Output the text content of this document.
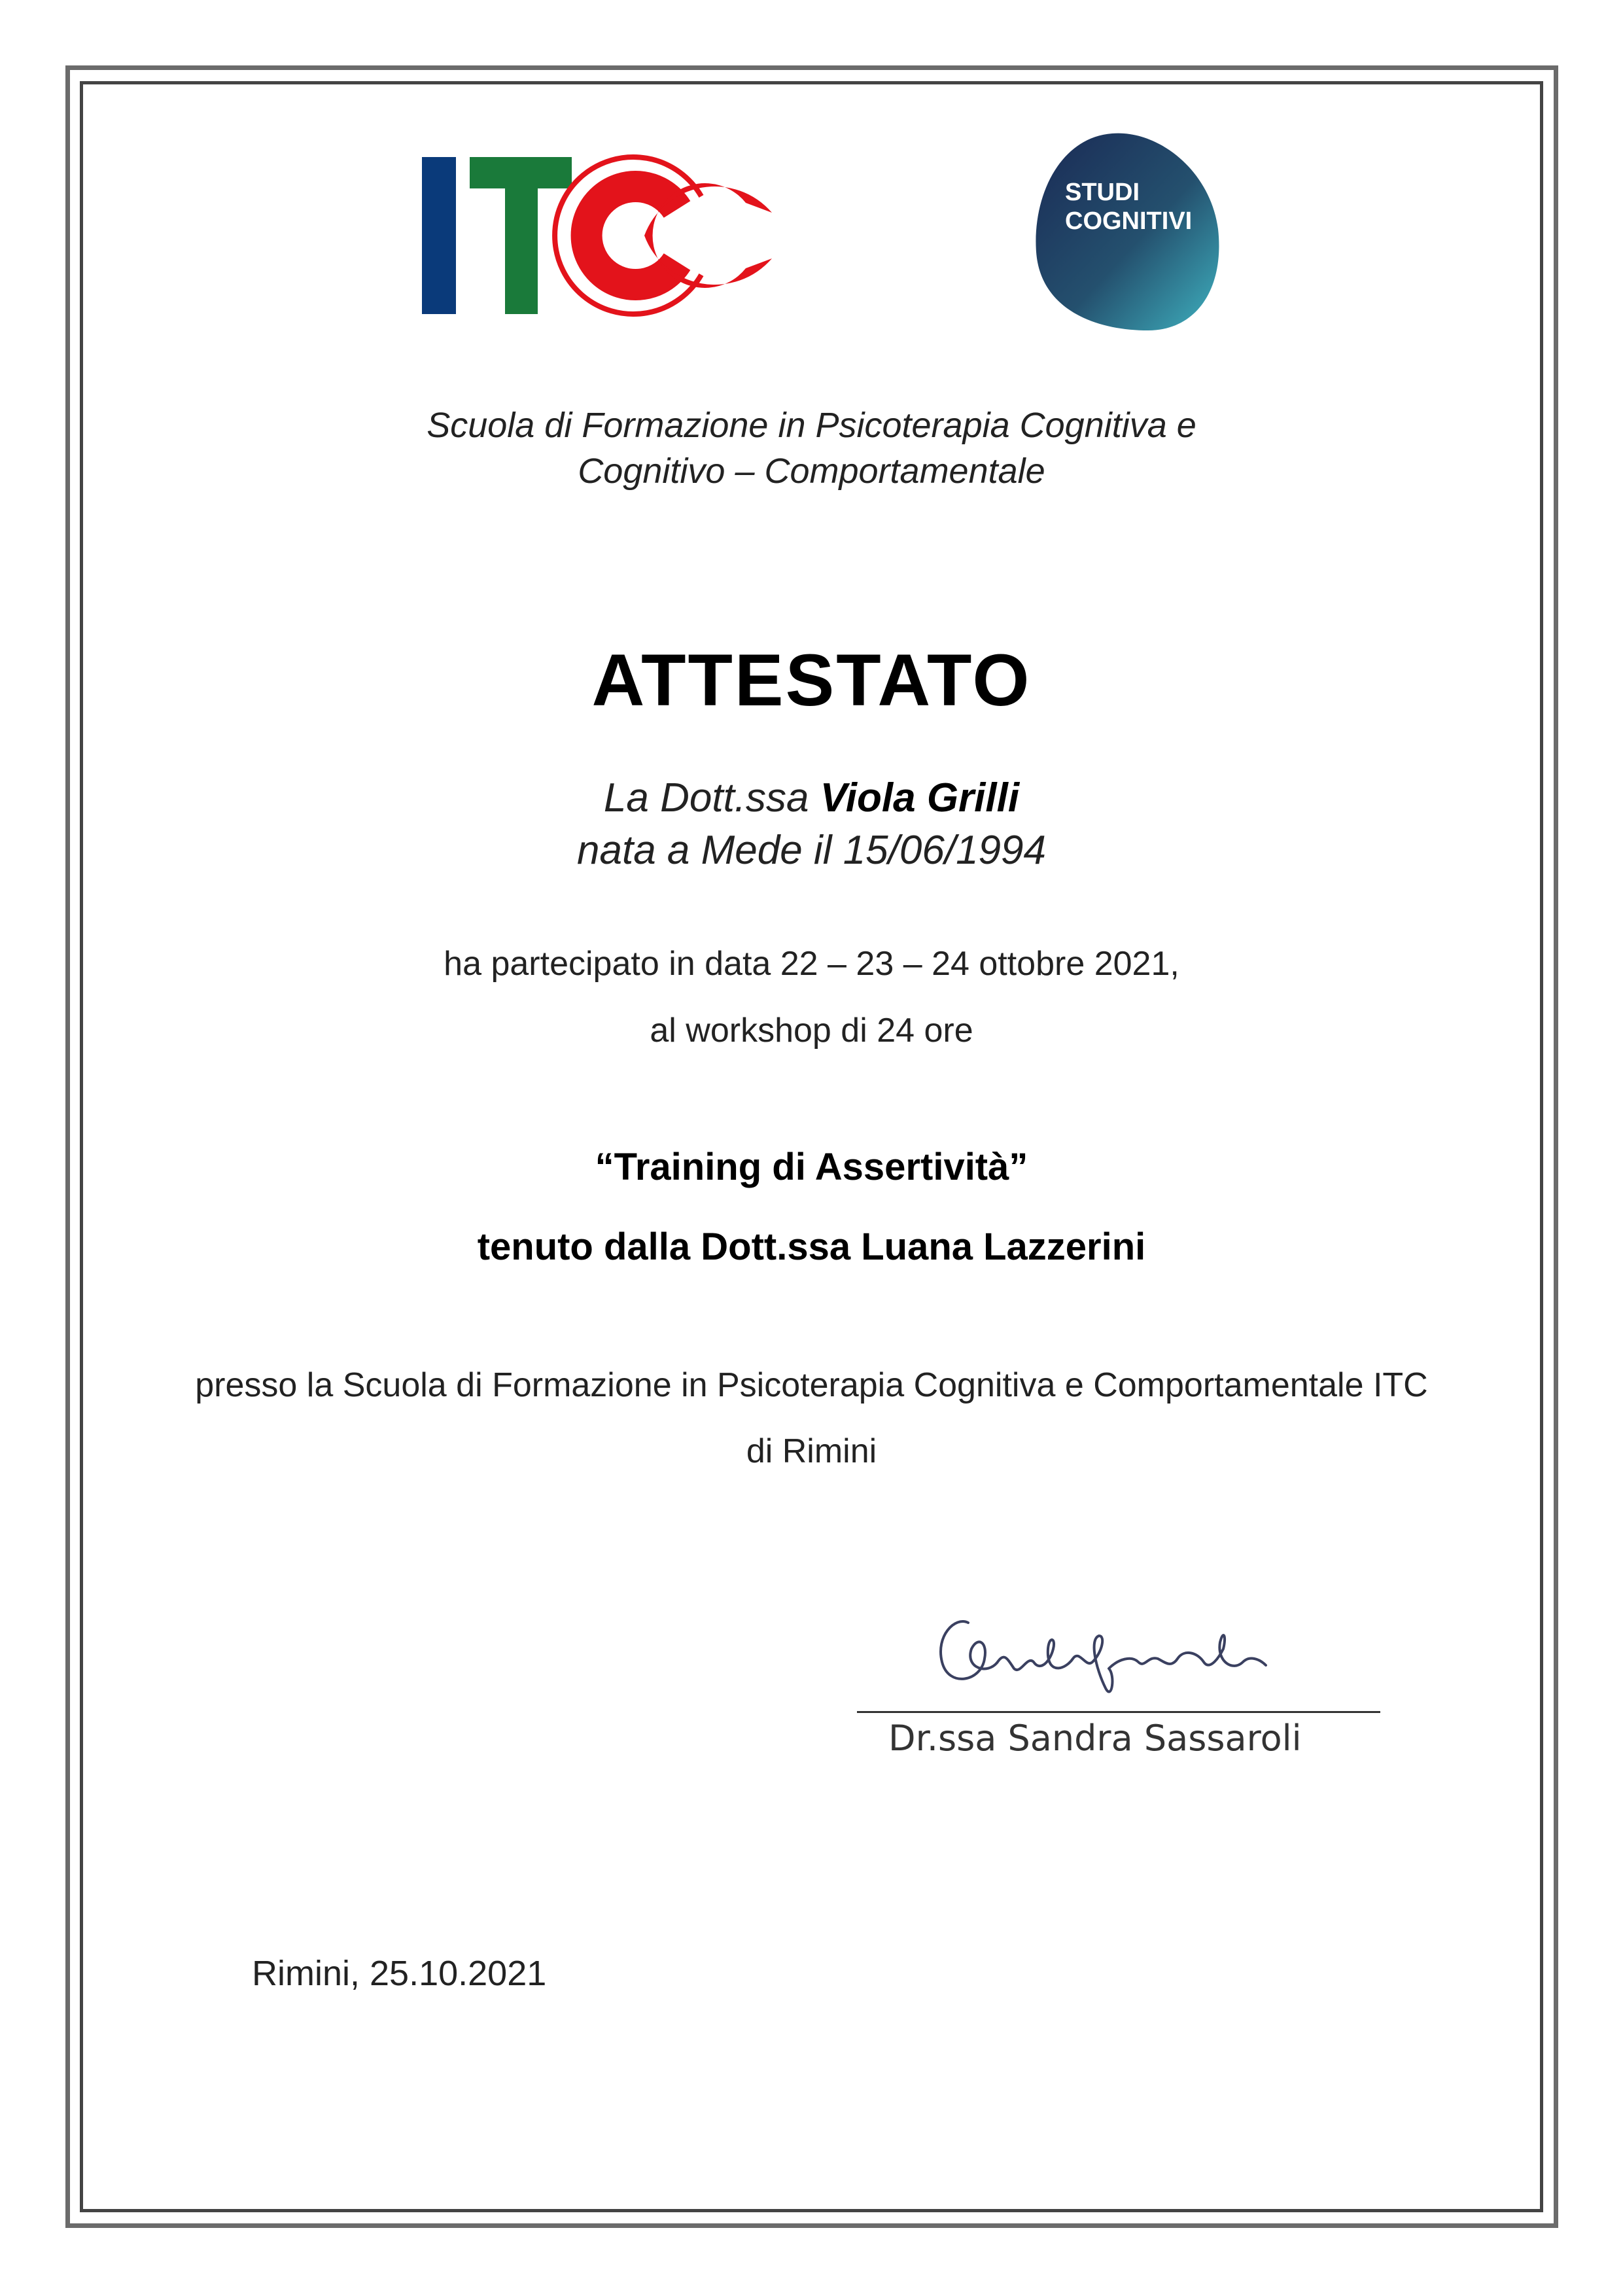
STUDI
COGNITIVI
Scuola di Formazione in Psicoterapia Cognitiva e
Cognitivo – Comportamentale
ATTESTATO
La Dott.ssa Viola Grilli
nata a Mede il 15/06/1994

ha partecipato in data 22 – 23 – 24 ottobre 2021,

al workshop di 24 ore

“Training di Assertività”

tenuto dalla Dott.ssa Luana Lazzerini

presso la Scuola di Formazione in Psicoterapia Cognitiva e Comportamentale ITC

di Rimini

Dr.ssa Sandra Sassaroli
Rimini, 25.10.2021
